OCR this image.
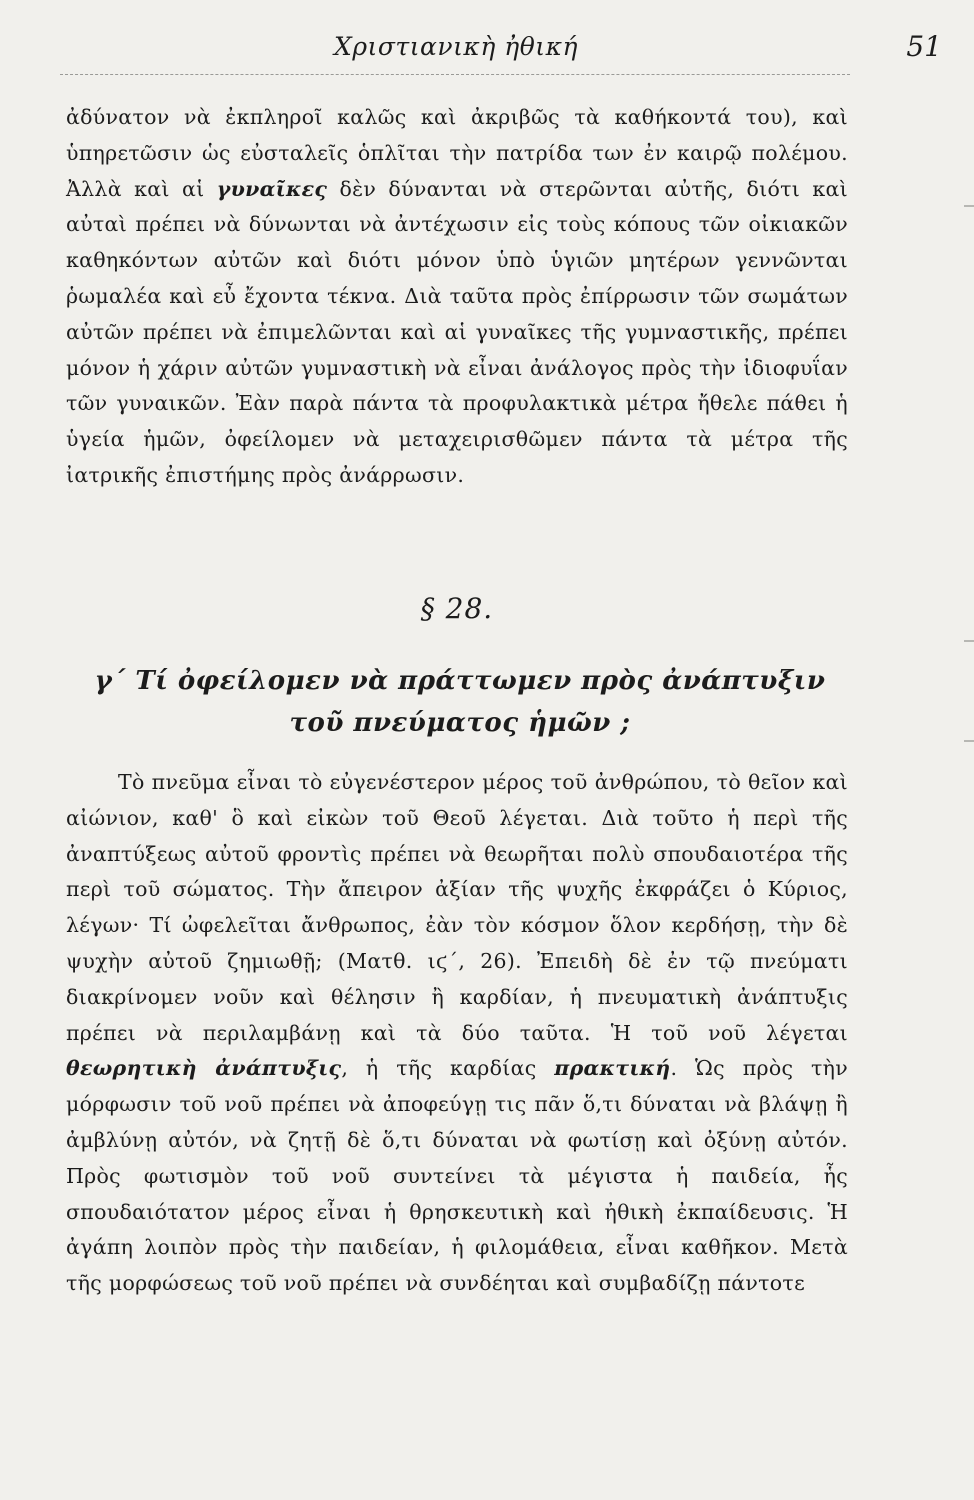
Χριστιανικὴ ἠθική	51
ἀδύνατον νὰ ἐκπληροῖ καλῶς καὶ ἀκριβῶς τὰ καθήκοντά του), καὶ ὑπηρετῶσιν ὡς εὐσταλεῖς ὁπλῖται τὴν πατρίδα των ἐν καιρῷ πολέμου. Ἀλλὰ καὶ αἱ γυναῖκες δὲν δύνανται νὰ στερῶνται αὐτῆς, διότι καὶ αὐταὶ πρέπει νὰ δύνωνται νὰ ἀντέχωσιν εἰς τοὺς κόπους τῶν οἰκιακῶν καθηκόντων αὐτῶν καὶ διότι μόνον ὑπὸ ὑγιῶν μητέρων γεννῶνται ῥωμαλέα καὶ εὖ ἔχοντα τέκνα. Διὰ ταῦτα πρὸς ἐπίρρωσιν τῶν σωμάτων αὐτῶν πρέπει νὰ ἐπιμελῶνται καὶ αἱ γυναῖκες τῆς γυμναστικῆς, πρέπει μόνον ἡ χάριν αὐτῶν γυμναστικὴ νὰ εἶναι ἀνάλογος πρὸς τὴν ἰδιοφυΐαν τῶν γυναικῶν. Ἐὰν παρὰ πάντα τὰ προφυλακτικὰ μέτρα ἤθελε πάθει ἡ ὑγεία ἡμῶν, ὀφείλομεν νὰ μεταχειρισθῶμεν πάντα τὰ μέτρα τῆς ἰατρικῆς ἐπιστήμης πρὸς ἀνάρρωσιν.
§ 28.
γ΄ Τί ὀφείλομεν νὰ πράττωμεν πρὸς ἀνάπτυξιν τοῦ πνεύματος ἡμῶν ;
Τὸ πνεῦμα εἶναι τὸ εὐγενέστερον μέρος τοῦ ἀνθρώπου, τὸ θεῖον καὶ αἰώνιον, καθ' ὃ καὶ εἰκὼν τοῦ Θεοῦ λέγεται. Διὰ τοῦτο ἡ περὶ τῆς ἀναπτύξεως αὐτοῦ φροντὶς πρέπει νὰ θεωρῆται πολὺ σπουδαιοτέρα τῆς περὶ τοῦ σώματος. Τὴν ἄπειρον ἀξίαν τῆς ψυχῆς ἐκφράζει ὁ Κύριος, λέγων· Τί ὠφελεῖται ἄνθρωπος, ἐὰν τὸν κόσμον ὅλον κερδήσῃ, τὴν δὲ ψυχὴν αὐτοῦ ζημιωθῇ; (Ματθ. ιϛ΄, 26). Ἐπειδὴ δὲ ἐν τῷ πνεύματι διακρίνομεν νοῦν καὶ θέλησιν ἢ καρδίαν, ἡ πνευματικὴ ἀνάπτυξις πρέπει νὰ περιλαμβάνῃ καὶ τὰ δύο ταῦτα. Ἡ τοῦ νοῦ λέγεται θεωρητικὴ ἀνάπτυξις, ἡ τῆς καρδίας πρακτική. Ὡς πρὸς τὴν μόρφωσιν τοῦ νοῦ πρέπει νὰ ἀποφεύγῃ τις πᾶν ὅ,τι δύναται νὰ βλάψῃ ἢ ἀμβλύνῃ αὐτόν, νὰ ζητῇ δὲ ὅ,τι δύναται νὰ φωτίσῃ καὶ ὀξύνῃ αὐτόν. Πρὸς φωτισμὸν τοῦ νοῦ συντείνει τὰ μέγιστα ἡ παιδεία, ἧς σπουδαιότατον μέρος εἶναι ἡ θρησκευτικὴ καὶ ἠθικὴ ἐκπαίδευσις. Ἡ ἀγάπη λοιπὸν πρὸς τὴν παιδείαν, ἡ φιλομάθεια, εἶναι καθῆκον. Μετὰ τῆς μορφώσεως τοῦ νοῦ πρέπει νὰ συνδέηται καὶ συμβαδίζῃ πάντοτε
